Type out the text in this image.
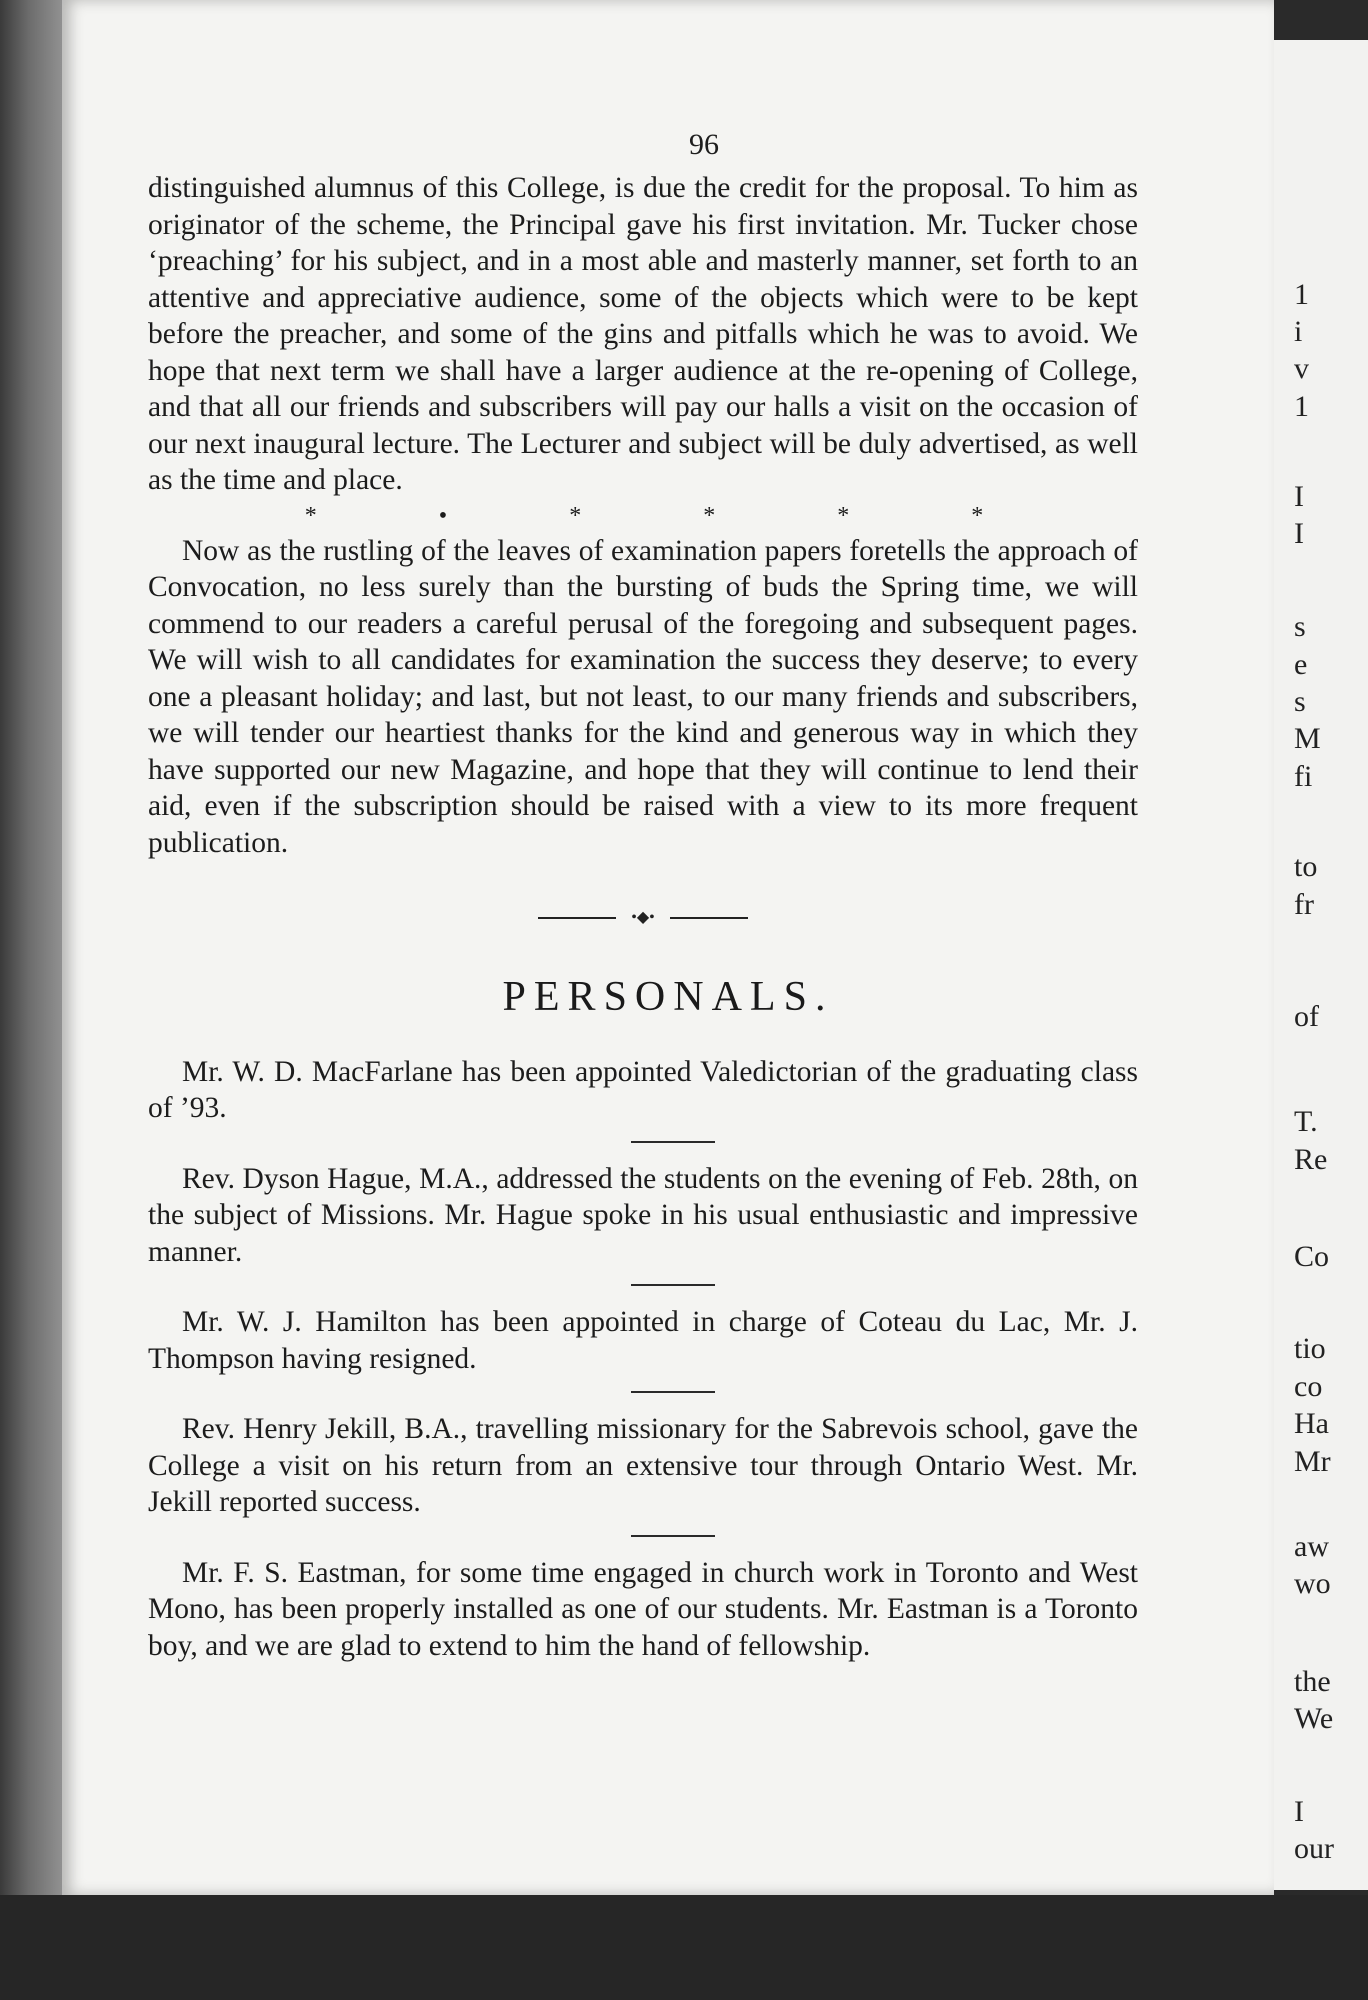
1
i
v
1
I
I
s
e
s
M
fi
to
fr
of
T.
Re
Co
tio
co
Ha
Mr
aw
wo
the
We
I
our
96

distinguished alumnus of this College, is due the credit for the proposal. To him as originator of the scheme, the Principal gave his first invitation. Mr. Tucker chose ‘preaching’ for his subject, and in a most able and masterly manner, set forth to an attentive and appreciative audience, some of the objects which were to be kept before the preacher, and some of the gins and pitfalls which he was to avoid. We hope that next term we shall have a larger audience at the re-opening of College, and that all our friends and subscribers will pay our halls a visit on the occasion of our next inaugural lecture. The Lecturer and subject will be duly advertised, as well as the time and place.

* • * * * *

Now as the rustling of the leaves of examination papers foretells the approach of Convocation, no less surely than the bursting of buds the Spring time, we will commend to our readers a careful perusal of the foregoing and subsequent pages. We will wish to all candidates for examination the success they deserve; to every one a pleasant holiday; and last, but not least, to our many friends and subscribers, we will tender our heartiest thanks for the kind and generous way in which they have supported our new Magazine, and hope that they will continue to lend their aid, even if the subscription should be raised with a view to its more frequent publication.

•◆•
PERSONALS.

Mr. W. D. MacFarlane has been appointed Valedictorian of the graduating class of ’93.

Rev. Dyson Hague, M.A., addressed the students on the evening of Feb. 28th, on the subject of Missions. Mr. Hague spoke in his usual enthusiastic and impressive manner.

Mr. W. J. Hamilton has been appointed in charge of Coteau du Lac, Mr. J. Thompson having resigned.

Rev. Henry Jekill, B.A., travelling missionary for the Sabrevois school, gave the College a visit on his return from an extensive tour through Ontario West. Mr. Jekill reported success.

Mr. F. S. Eastman, for some time engaged in church work in Toronto and West Mono, has been properly installed as one of our students. Mr. Eastman is a Toronto boy, and we are glad to extend to him the hand of fellowship.
